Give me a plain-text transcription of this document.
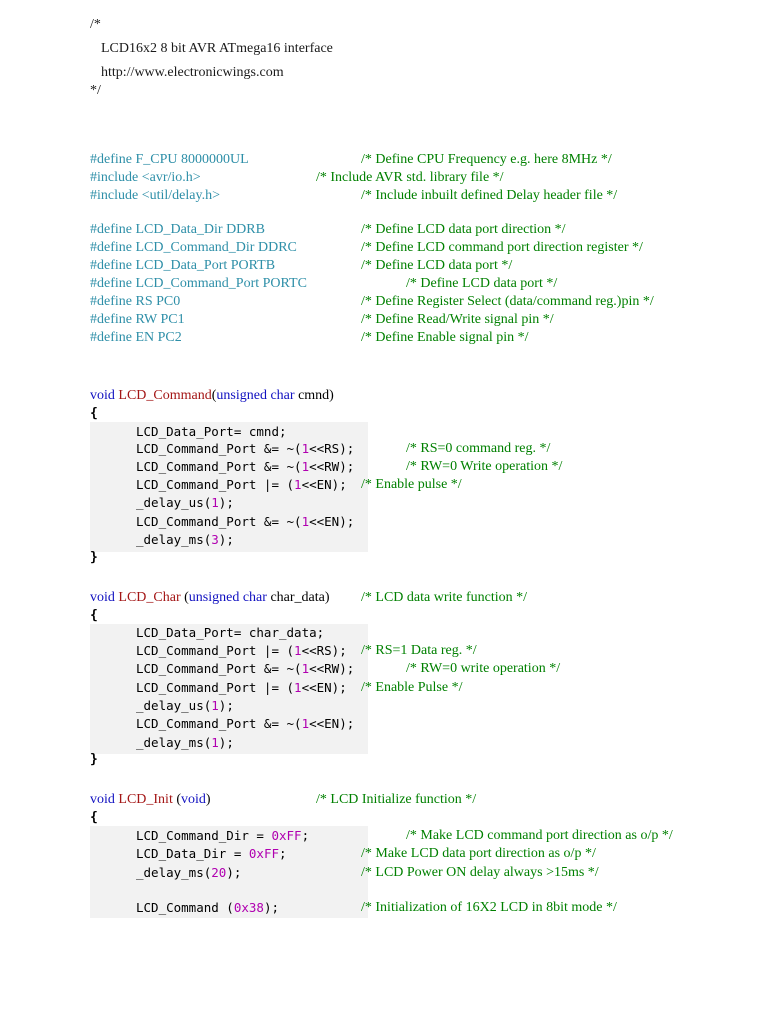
/*
LCD16x2 8 bit AVR ATmega16 interface
http://www.electronicwings.com
*/
#define F_CPU 8000000UL	/* Define CPU Frequency e.g. here 8MHz */
#include <avr/io.h>	/* Include AVR std. library file */
#include <util/delay.h>	/* Include inbuilt defined Delay header file */
#define LCD_Data_Dir DDRB	/* Define LCD data port direction */
#define LCD_Command_Dir DDRC	/* Define LCD command port direction register */
#define LCD_Data_Port PORTB	/* Define LCD data port */
#define LCD_Command_Port PORTC	/* Define LCD data port */
#define RS PC0	/* Define Register Select (data/command reg.)pin */
#define RW PC1	/* Define Read/Write signal pin */
#define EN PC2	/* Define Enable signal pin */
void LCD_Command(unsigned char cmnd)
{
LCD_Data_Port= cmnd;
LCD_Command_Port &= ~(1<<RS);	/* RS=0 command reg. */
LCD_Command_Port &= ~(1<<RW);	/* RW=0 Write operation */
LCD_Command_Port |= (1<<EN); /* Enable pulse */
_delay_us(1);
LCD_Command_Port &= ~(1<<EN);
_delay_ms(3);
}
void LCD_Char (unsigned char char_data) /* LCD data write function */
{
LCD_Data_Port= char_data;
LCD_Command_Port |= (1<<RS); /* RS=1 Data reg. */
LCD_Command_Port &= ~(1<<RW);	/* RW=0 write operation */
LCD_Command_Port |= (1<<EN); /* Enable Pulse */
_delay_us(1);
LCD_Command_Port &= ~(1<<EN);
_delay_ms(1);
}
void LCD_Init (void)	/* LCD Initialize function */
{
LCD_Command_Dir = 0xFF;	/* Make LCD command port direction as o/p */
LCD_Data_Dir = 0xFF;	/* Make LCD data port direction as o/p */
_delay_ms(20);	/* LCD Power ON delay always >15ms */
LCD_Command (0x38);	/* Initialization of 16X2 LCD in 8bit mode */
